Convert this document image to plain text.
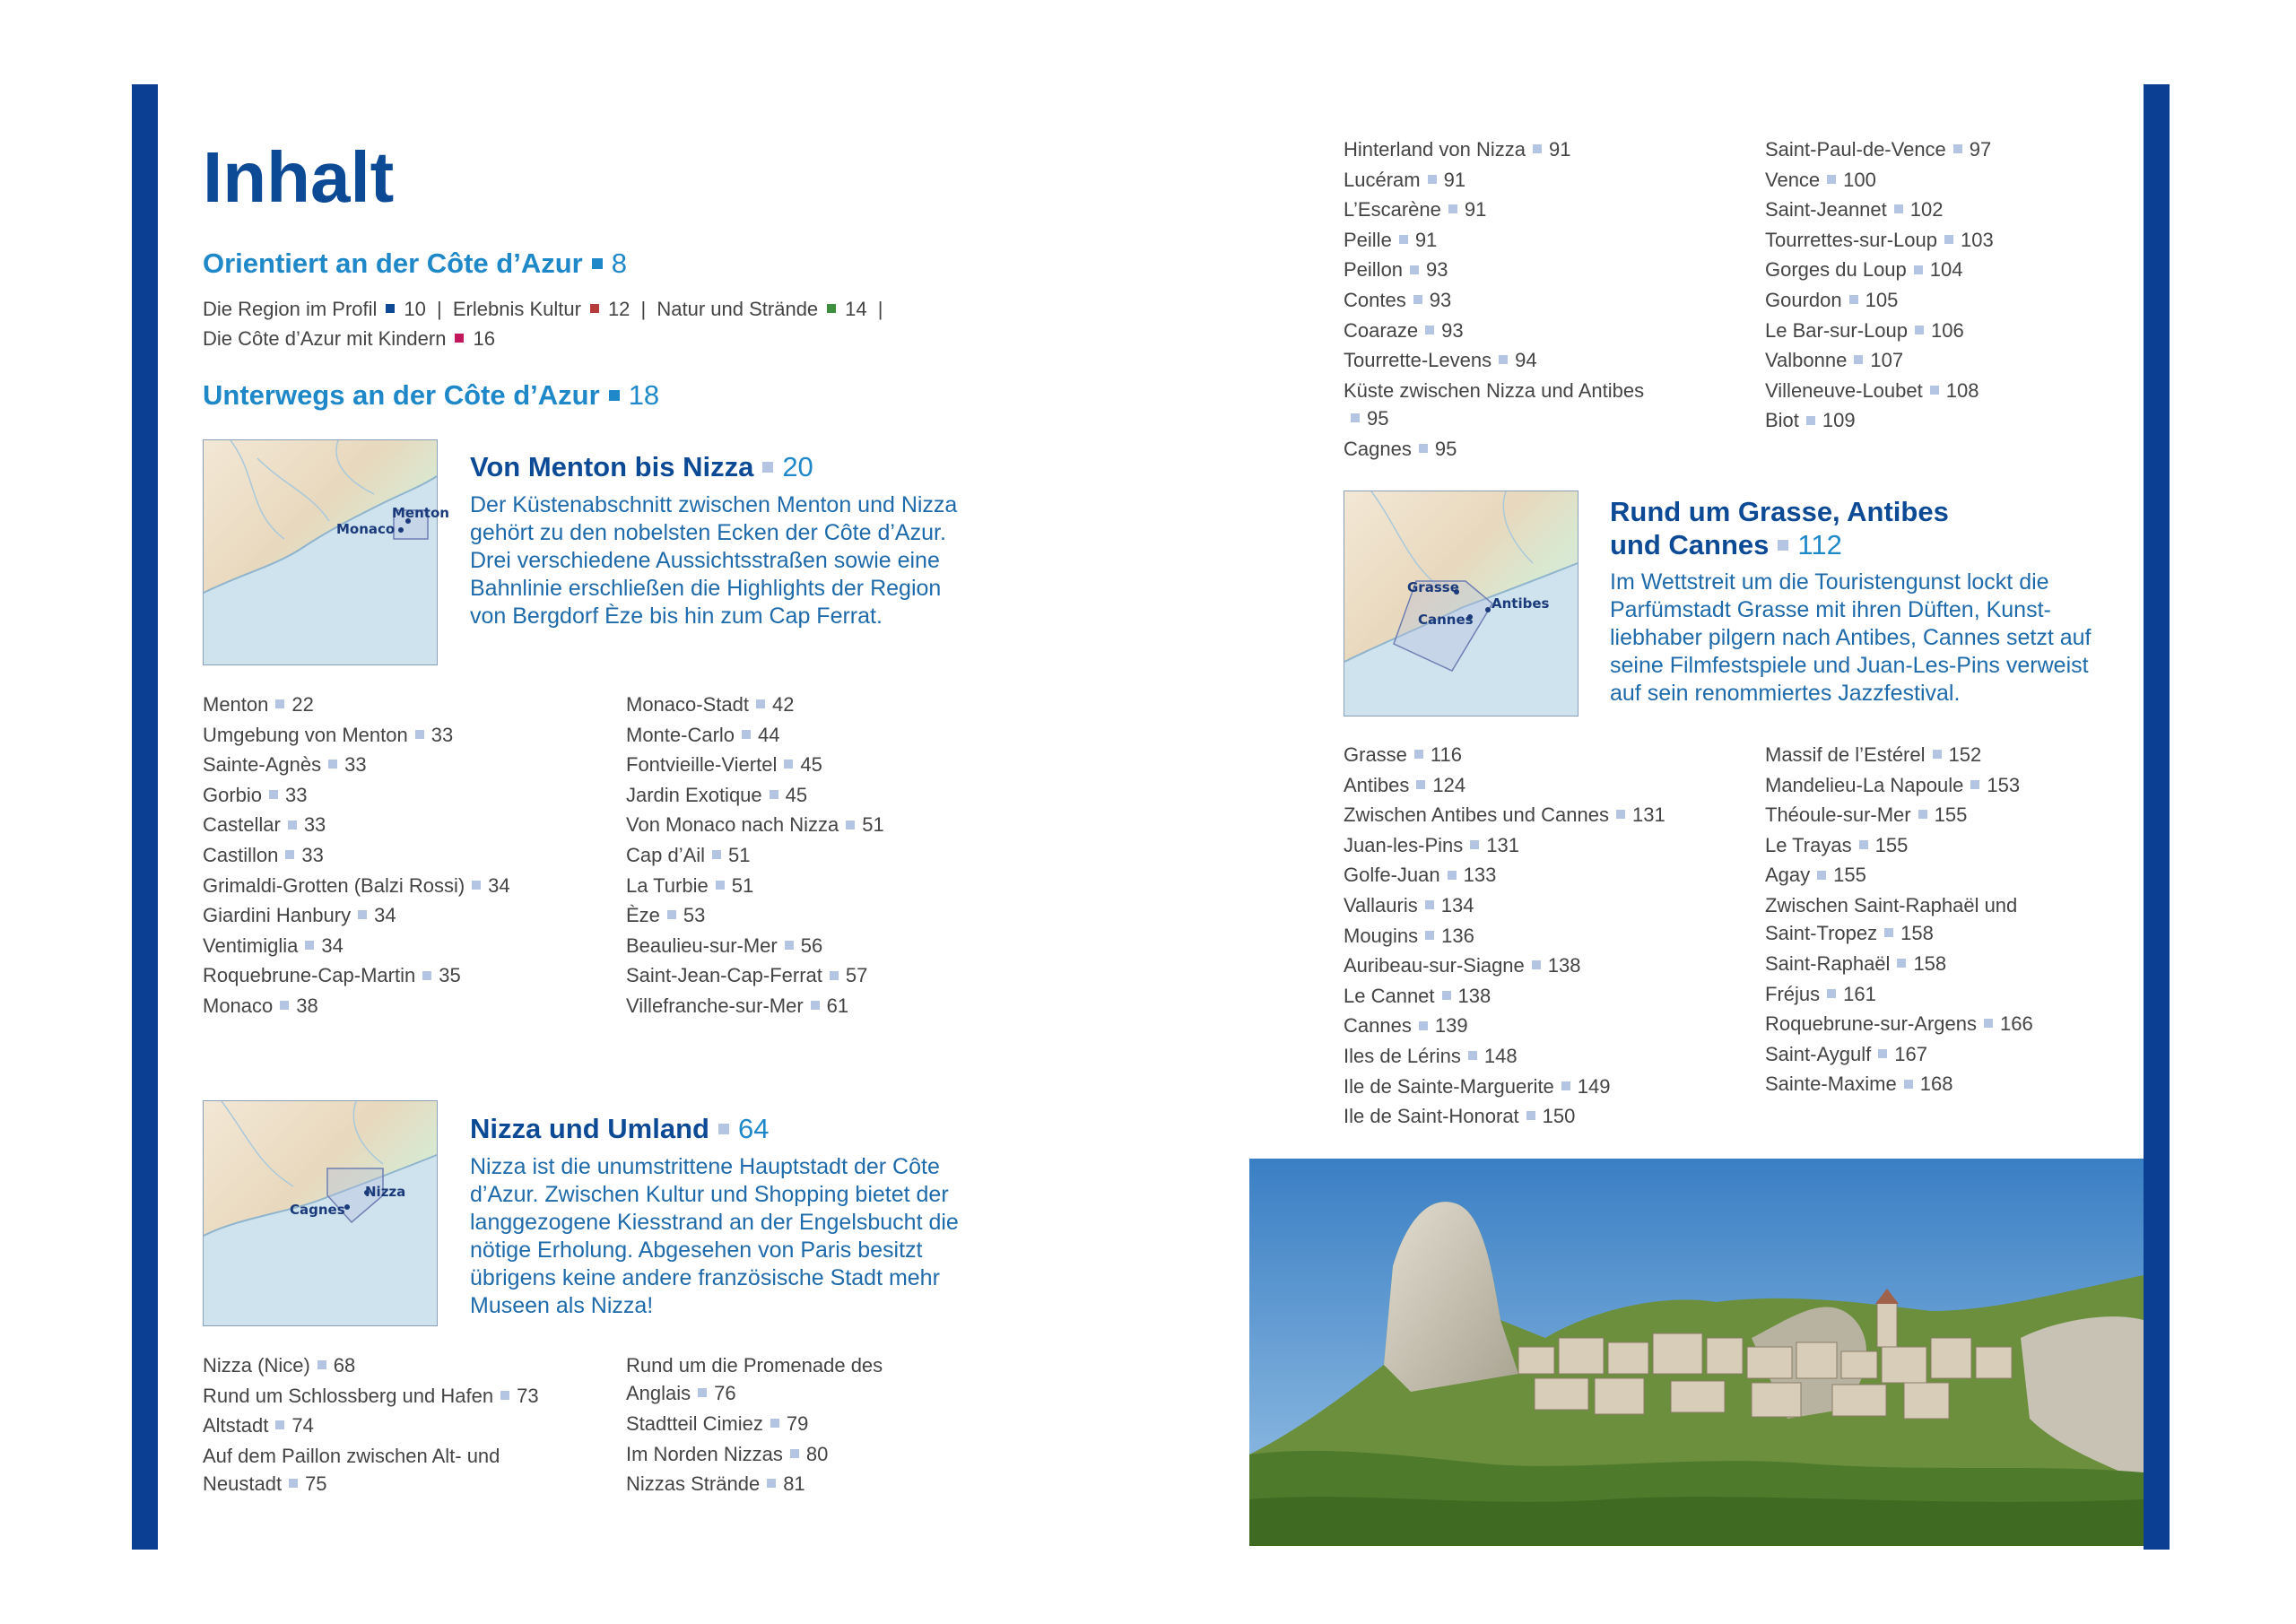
Inhalt
Orientiert an der Côte d’Azur 8
Die Region im Profil 10 | Erlebnis Kultur 12 | Natur und Strände 14 |
Die Côte d’Azur mit Kindern 16
Unterwegs an der Côte d’Azur 18
Menton
Monaco
Von Menton bis Nizza 20

Der Küstenabschnitt zwischen Menton und Nizza gehört zu den nobelsten Ecken der Côte d’Azur. Drei verschiedene Aussichtsstraßen sowie eine Bahnlinie erschließen die Highlights der Region von Bergdorf Èze bis hin zum Cap Ferrat.

Menton 22
Umgebung von Menton 33
Sainte-Agnès 33
Gorbio 33
Castellar 33
Castillon 33
Grimaldi-Grotten (Balzi Rossi) 34
Giardini Hanbury 34
Ventimiglia 34
Roquebrune-Cap-Martin 35
Monaco 38
Monaco-Stadt 42
Monte-Carlo 44
Fontvieille-Viertel 45
Jardin Exotique 45
Von Monaco nach Nizza 51
Cap d’Ail 51
La Turbie 51
Èze 53
Beaulieu-sur-Mer 56
Saint-Jean-Cap-Ferrat 57
Villefranche-sur-Mer 61
Nizza
Cagnes
Nizza und Umland 64

Nizza ist die unumstrittene Hauptstadt der Côte d’Azur. Zwischen Kultur und Shopping bietet der langgezogene Kiesstrand an der Engelsbucht die nötige Erholung. Abgesehen von Paris besitzt übrigens keine andere französische Stadt mehr Museen als Nizza!

Nizza (Nice) 68
Rund um Schlossberg und Hafen 73
Altstadt 74
Auf dem Paillon zwischen Alt- und Neustadt 75
Rund um die Promenade des Anglais 76
Stadtteil Cimiez 79
Im Norden Nizzas 80
Nizzas Strände 81
Hinterland von Nizza 91
Lucéram 91
L’Escarène 91
Peille 91
Peillon 93
Contes 93
Coaraze 93
Tourrette-Levens 94
Küste zwischen Nizza und Antibes95
Cagnes 95
Saint-Paul-de-Vence 97
Vence 100
Saint-Jeannet 102
Tourrettes-sur-Loup 103
Gorges du Loup 104
Gourdon 105
Le Bar-sur-Loup 106
Valbonne 107
Villeneuve-Loubet 108
Biot 109
Grasse
Antibes
Cannes
Rund um Grasse, Antibes
und Cannes 112

Im Wettstreit um die Touristengunst lockt die Parfümstadt Grasse mit ihren Düften, Kunstliebhaber pilgern nach Antibes, Cannes setzt auf seine Filmfestspiele und Juan-Les-Pins verweist auf sein renommiertes Jazzfestival.

Grasse 116
Antibes 124
Zwischen Antibes und Cannes 131
Juan-les-Pins 131
Golfe-Juan 133
Vallauris 134
Mougins 136
Auribeau-sur-Siagne 138
Le Cannet 138
Cannes 139
Iles de Lérins 148
Ile de Sainte-Marguerite 149
Ile de Saint-Honorat 150
Massif de l’Estérel 152
Mandelieu-La Napoule 153
Théoule-sur-Mer 155
Le Trayas 155
Agay 155
Zwischen Saint-Raphaël und Saint-Tropez 158
Saint-Raphaël 158
Fréjus 161
Roquebrune-sur-Argens 166
Saint-Aygulf 167
Sainte-Maxime 168
